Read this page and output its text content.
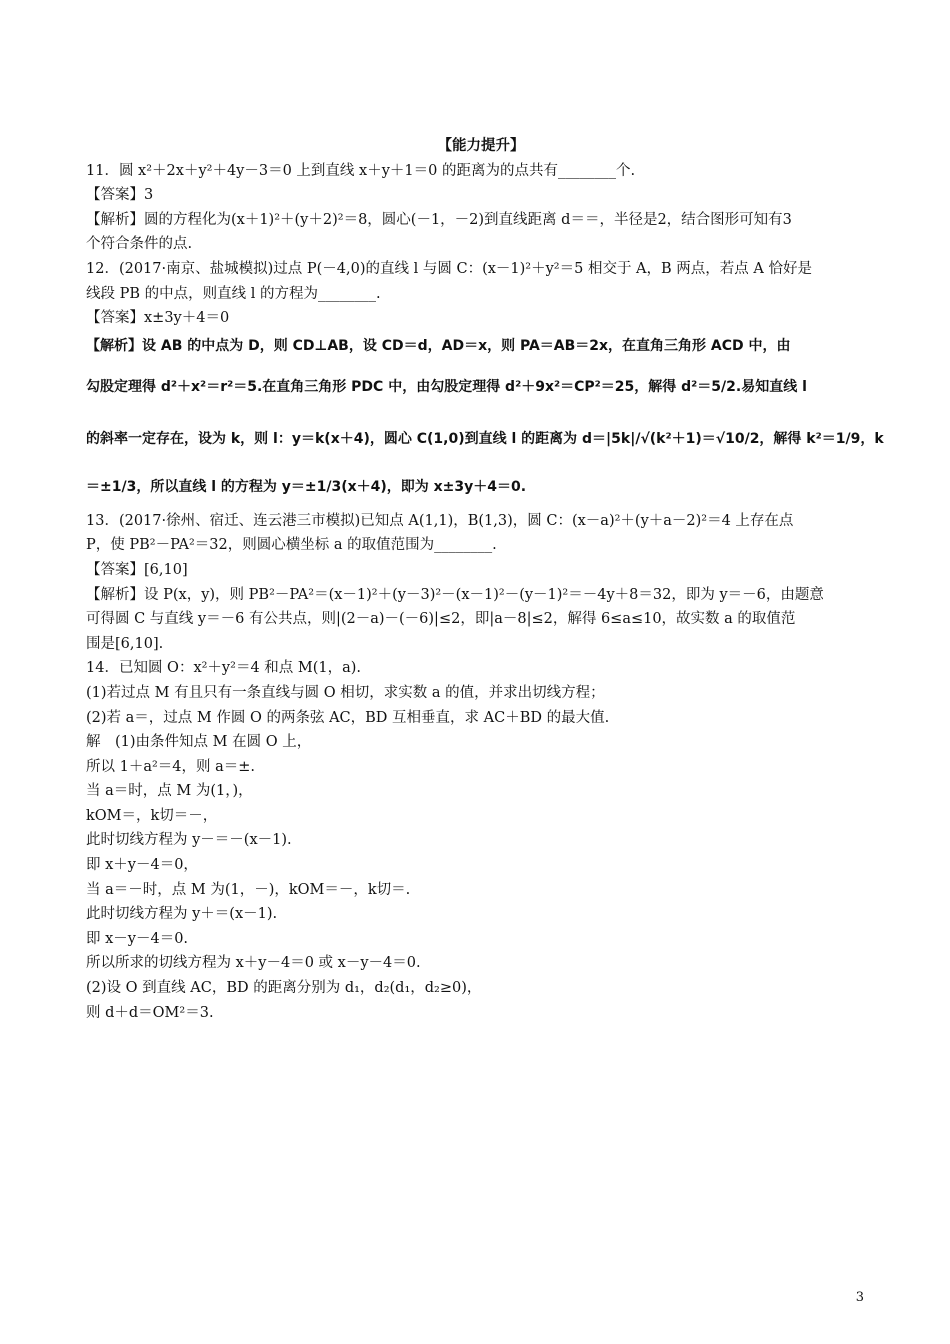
【能力提升】
11．圆 x²＋2x＋y²＋4y－3＝0 上到直线 x＋y＋1＝0 的距离为的点共有________个.
【答案】3
【解析】圆的方程化为(x＋1)²＋(y＋2)²＝8，圆心(－1，－2)到直线距离 d＝＝，半径是2，结合图形可知有3
个符合条件的点.
12．(2017·南京、盐城模拟)过点 P(－4,0)的直线 l 与圆 C：(x－1)²＋y²＝5 相交于 A，B 两点，若点 A 恰好是
线段 PB 的中点，则直线 l 的方程为________.
【答案】x±3y＋4＝0
【解析】设 AB 的中点为 D，则 CD⊥AB，设 CD＝d，AD＝x，则 PA＝AB＝2x，在直角三角形 ACD 中，由
勾股定理得 d²＋x²＝r²＝5.在直角三角形 PDC 中，由勾股定理得 d²＋9x²＝CP²＝25，解得 d²＝5/2.易知直线 l
的斜率一定存在，设为 k，则 l：y＝k(x＋4)，圆心 C(1,0)到直线 l 的距离为 d＝|5k|/√(k²＋1)＝√10/2，解得 k²＝1/9，k
＝±1/3，所以直线 l 的方程为 y＝±1/3(x＋4)，即为 x±3y＋4＝0.
13．(2017·徐州、宿迁、连云港三市模拟)已知点 A(1,1)，B(1,3)，圆 C：(x－a)²＋(y＋a－2)²＝4 上存在点
P，使 PB²－PA²＝32，则圆心横坐标 a 的取值范围为________.
【答案】[6,10]
【解析】设 P(x，y)，则 PB²－PA²＝(x－1)²＋(y－3)²－(x－1)²－(y－1)²＝－4y＋8＝32，即为 y＝－6，由题意
可得圆 C 与直线 y＝－6 有公共点，则|(2－a)－(－6)|≤2，即|a－8|≤2，解得 6≤a≤10，故实数 a 的取值范
围是[6,10].
14．已知圆 O：x²＋y²＝4 和点 M(1，a).
(1)若过点 M 有且只有一条直线与圆 O 相切，求实数 a 的值，并求出切线方程；
(2)若 a＝，过点 M 作圆 O 的两条弦 AC，BD 互相垂直，求 AC＋BD 的最大值.
解　(1)由条件知点 M 在圆 O 上，
所以 1＋a²＝4，则 a＝±.
当 a＝时，点 M 为(1，)，
kOM＝，k切＝－，
此时切线方程为 y－＝－(x－1).
即 x＋y－4＝0，
当 a＝－时，点 M 为(1，－)，kOM＝－，k切＝.
此时切线方程为 y＋＝(x－1).
即 x－y－4＝0.
所以所求的切线方程为 x＋y－4＝0 或 x－y－4＝0.
(2)设 O 到直线 AC，BD 的距离分别为 d₁，d₂(d₁，d₂≥0)，
则 d＋d＝OM²＝3.
3
